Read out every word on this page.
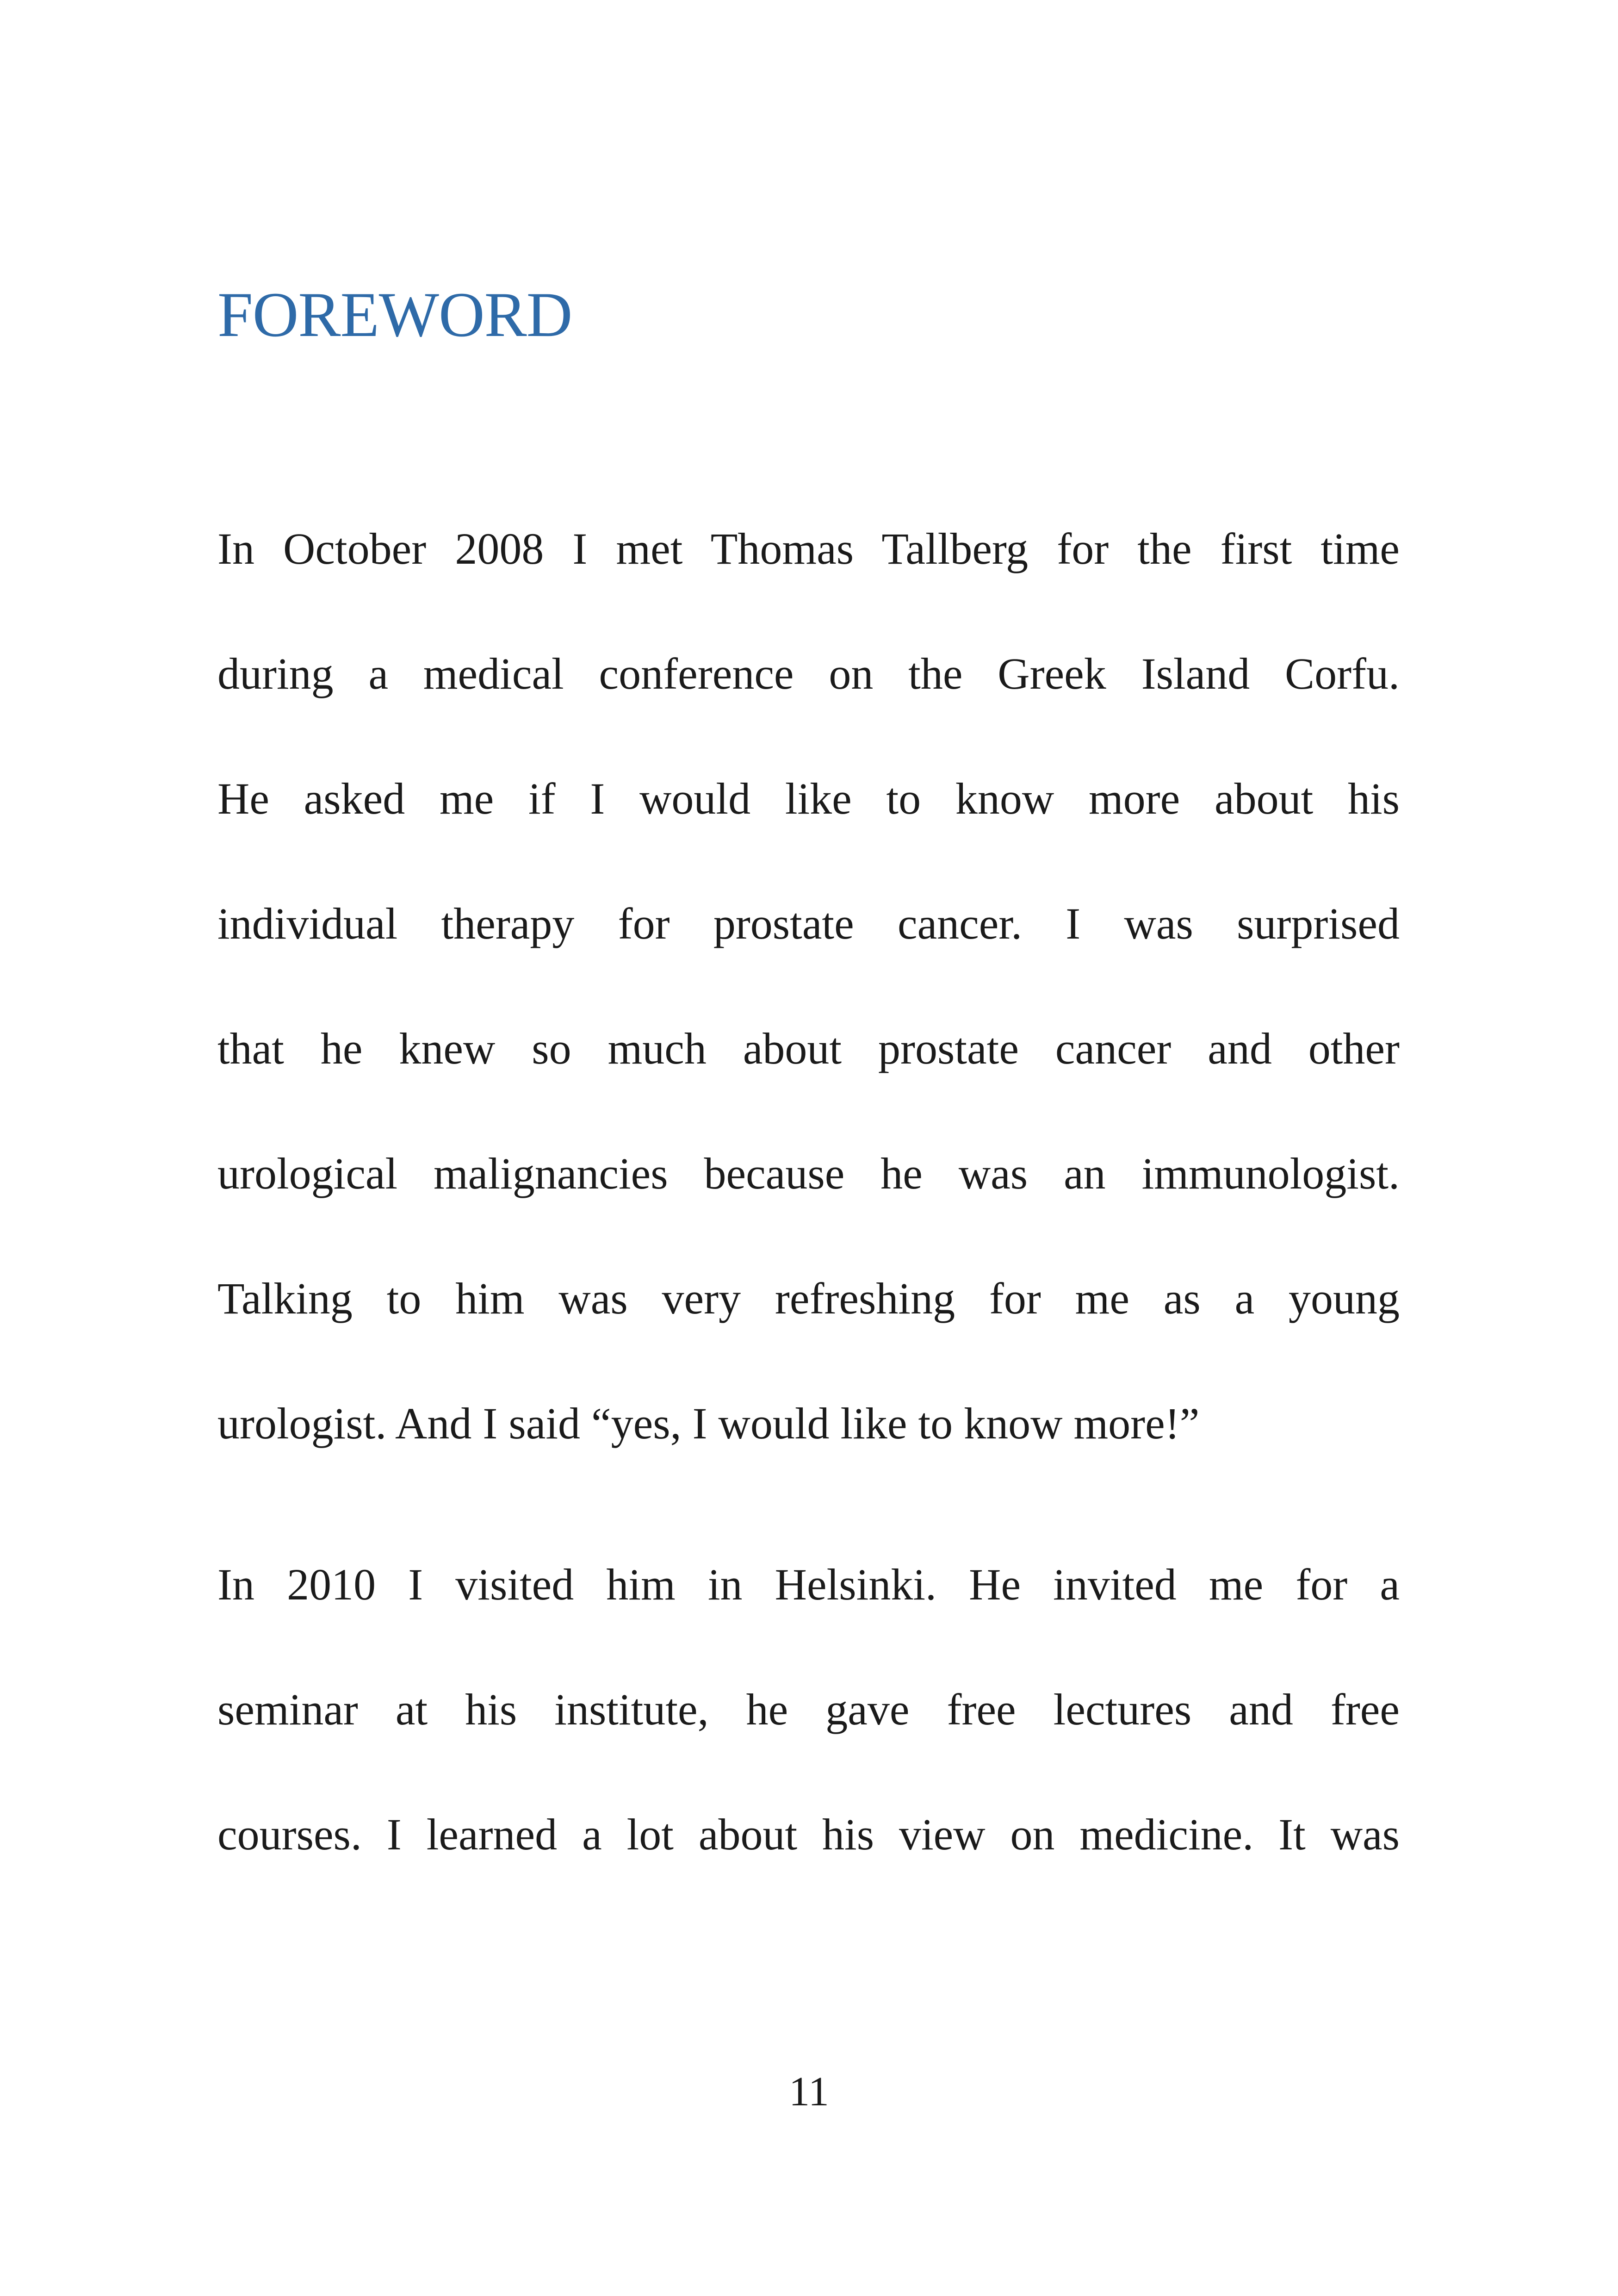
FOREWORD
In October 2008 I met Thomas Tallberg for the first time
during a medical conference on the Greek Island Corfu.
He asked me if I would like to know more about his
individual therapy for prostate cancer. I was surprised
that he knew so much about prostate cancer and other
urological malignancies because he was an immunologist.
Talking to him was very refreshing for me as a young
urologist. And I said “yes, I would like to know more!”
In 2010 I visited him in Helsinki. He invited me for a
seminar at his institute, he gave free lectures and free
courses. I learned a lot about his view on medicine. It was
11
